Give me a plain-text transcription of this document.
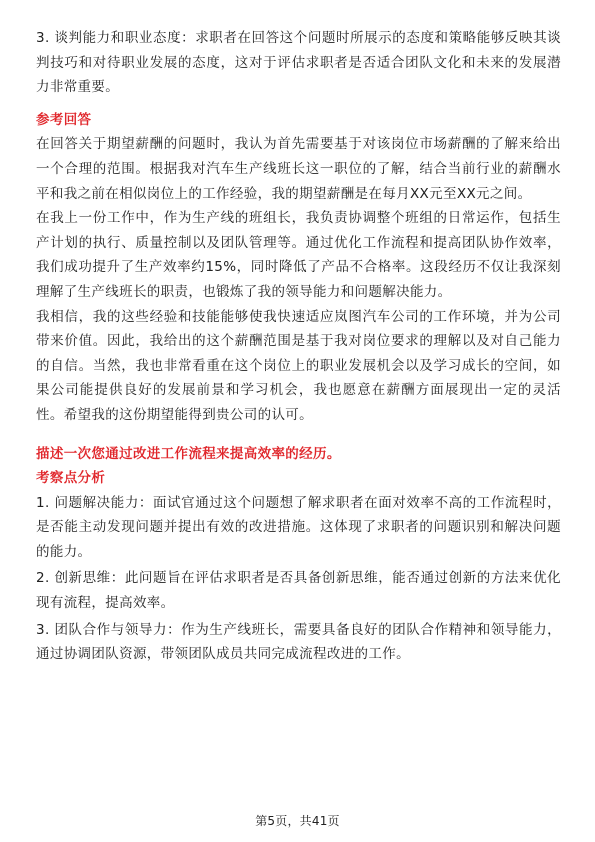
3. 谈判能力和职业态度：求职者在回答这个问题时所展示的态度和策略能够反映其谈判技巧和对待职业发展的态度，这对于评估求职者是否适合团队文化和未来的发展潜力非常重要。

参考回答

在回答关于期望薪酬的问题时，我认为首先需要基于对该岗位市场薪酬的了解来给出一个合理的范围。根据我对汽车生产线班长这一职位的了解，结合当前行业的薪酬水平和我之前在相似岗位上的工作经验，我的期望薪酬是在每月XX元至XX元之间。

在我上一份工作中，作为生产线的班组长，我负责协调整个班组的日常运作，包括生产计划的执行、质量控制以及团队管理等。通过优化工作流程和提高团队协作效率，我们成功提升了生产效率约15%，同时降低了产品不合格率。这段经历不仅让我深刻理解了生产线班长的职责，也锻炼了我的领导能力和问题解决能力。

我相信，我的这些经验和技能能够使我快速适应岚图汽车公司的工作环境，并为公司带来价值。因此，我给出的这个薪酬范围是基于我对岗位要求的理解以及对自己能力的自信。当然，我也非常看重在这个岗位上的职业发展机会以及学习成长的空间，如果公司能提供良好的发展前景和学习机会，我也愿意在薪酬方面展现出一定的灵活性。希望我的这份期望能得到贵公司的认可。

描述一次您通过改进工作流程来提高效率的经历。
考察点分析

1. 问题解决能力：面试官通过这个问题想了解求职者在面对效率不高的工作流程时，是否能主动发现问题并提出有效的改进措施。这体现了求职者的问题识别和解决问题的能力。

2. 创新思维：此问题旨在评估求职者是否具备创新思维，能否通过创新的方法来优化现有流程，提高效率。

3. 团队合作与领导力：作为生产线班长，需要具备良好的团队合作精神和领导能力，通过协调团队资源，带领团队成员共同完成流程改进的工作。

第5页，共41页
